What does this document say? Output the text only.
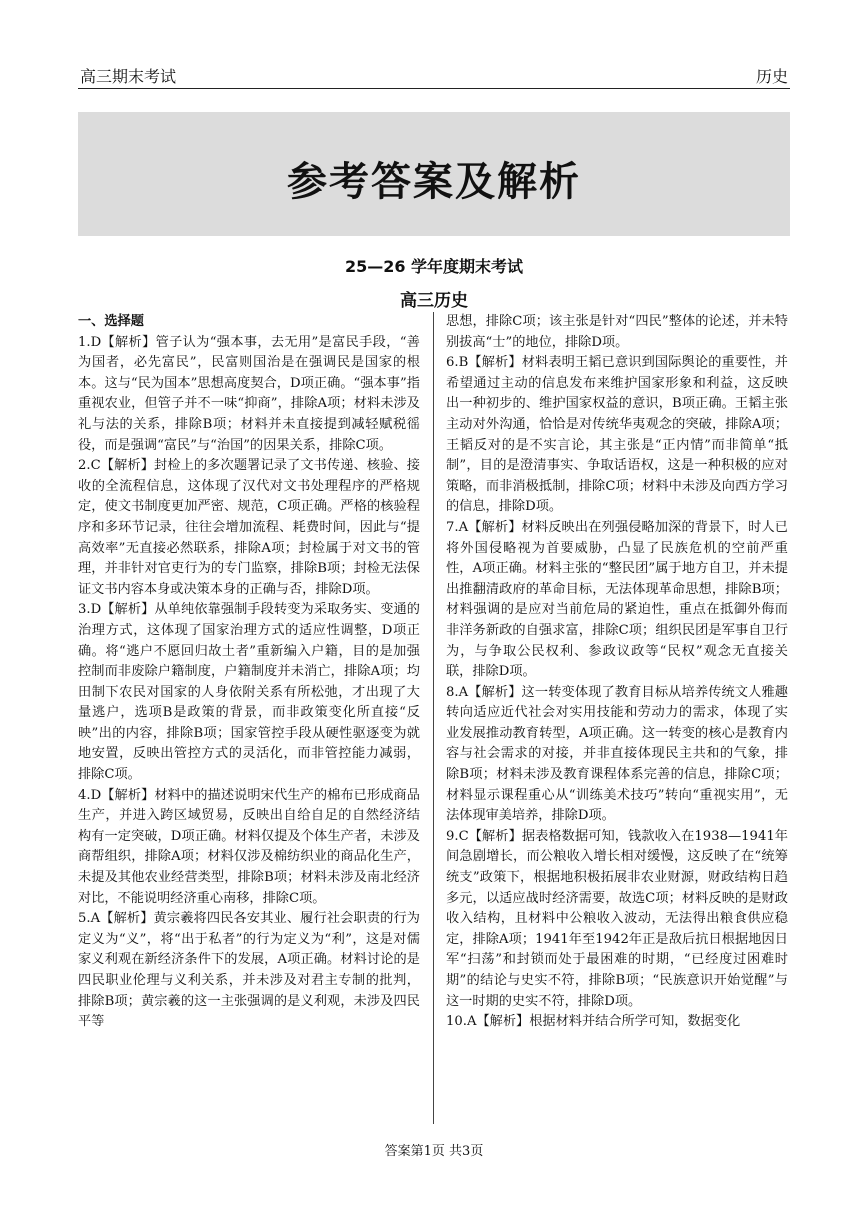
高三期末考试	历史
参考答案及解析
25—26 学年度期末考试
高三历史
一、选择题

1.D【解析】管子认为“强本事，去无用”是富民手段，“善为国者，必先富民”，民富则国治是在强调民是国家的根本。这与“民为国本”思想高度契合，D项正确。“强本事”指重视农业，但管子并不一味“抑商”，排除A项；材料未涉及礼与法的关系，排除B项；材料并未直接提到减轻赋税徭役，而是强调“富民”与“治国”的因果关系，排除C项。

2.C【解析】封检上的多次题署记录了文书传递、核验、接收的全流程信息，这体现了汉代对文书处理程序的严格规定，使文书制度更加严密、规范，C项正确。严格的核验程序和多环节记录，往往会增加流程、耗费时间，因此与“提高效率”无直接必然联系，排除A项；封检属于对文书的管理，并非针对官吏行为的专门监察，排除B项；封检无法保证文书内容本身或决策本身的正确与否，排除D项。

3.D【解析】从单纯依靠强制手段转变为采取务实、变通的治理方式，这体现了国家治理方式的适应性调整，D项正确。将“逃户不愿回归故土者”重新编入户籍，目的是加强控制而非废除户籍制度，户籍制度并未消亡，排除A项；均田制下农民对国家的人身依附关系有所松弛，才出现了大量逃户，选项B是政策的背景，而非政策变化所直接“反映”出的内容，排除B项；国家管控手段从硬性驱逐变为就地安置，反映出管控方式的灵活化，而非管控能力减弱，排除C项。

4.D【解析】材料中的描述说明宋代生产的棉布已形成商品生产，并进入跨区域贸易，反映出自给自足的自然经济结构有一定突破，D项正确。材料仅提及个体生产者，未涉及商帮组织，排除A项；材料仅涉及棉纺织业的商品化生产，未提及其他农业经营类型，排除B项；材料未涉及南北经济对比，不能说明经济重心南移，排除C项。

5.A【解析】黄宗羲将四民各安其业、履行社会职责的行为定义为“义”，将“出于私者”的行为定义为“利”，这是对儒家义利观在新经济条件下的发展，A项正确。材料讨论的是四民职业伦理与义利关系，并未涉及对君主专制的批判，排除B项；黄宗羲的这一主张强调的是义利观，未涉及四民平等

思想，排除C项；该主张是针对“四民”整体的论述，并未特别拔高“士”的地位，排除D项。

6.B【解析】材料表明王韬已意识到国际舆论的重要性，并希望通过主动的信息发布来维护国家形象和利益，这反映出一种初步的、维护国家权益的意识，B项正确。王韬主张主动对外沟通，恰恰是对传统华夷观念的突破，排除A项；王韬反对的是不实言论，其主张是“正内情”而非简单“抵制”，目的是澄清事实、争取话语权，这是一种积极的应对策略，而非消极抵制，排除C项；材料中未涉及向西方学习的信息，排除D项。

7.A【解析】材料反映出在列强侵略加深的背景下，时人已将外国侵略视为首要威胁，凸显了民族危机的空前严重性，A项正确。材料主张的“整民团”属于地方自卫，并未提出推翻清政府的革命目标，无法体现革命思想，排除B项；材料强调的是应对当前危局的紧迫性，重点在抵御外侮而非洋务新政的自强求富，排除C项；组织民团是军事自卫行为，与争取公民权利、参政议政等“民权”观念无直接关联，排除D项。

8.A【解析】这一转变体现了教育目标从培养传统文人雅趣转向适应近代社会对实用技能和劳动力的需求，体现了实业发展推动教育转型，A项正确。这一转变的核心是教育内容与社会需求的对接，并非直接体现民主共和的气象，排除B项；材料未涉及教育课程体系完善的信息，排除C项；材料显示课程重心从“训练美术技巧”转向“重视实用”，无法体现审美培养，排除D项。

9.C【解析】据表格数据可知，钱款收入在1938—1941年间急剧增长，而公粮收入增长相对缓慢，这反映了在“统筹统支”政策下，根据地积极拓展非农业财源，财政结构日趋多元，以适应战时经济需要，故选C项；材料反映的是财政收入结构，且材料中公粮收入波动，无法得出粮食供应稳定，排除A项；1941年至1942年正是敌后抗日根据地因日军“扫荡”和封锁而处于最困难的时期，“已经度过困难时期”的结论与史实不符，排除B项；“民族意识开始觉醒”与这一时期的史实不符，排除D项。

10.A【解析】根据材料并结合所学可知，数据变化

答案第1页 共3页
